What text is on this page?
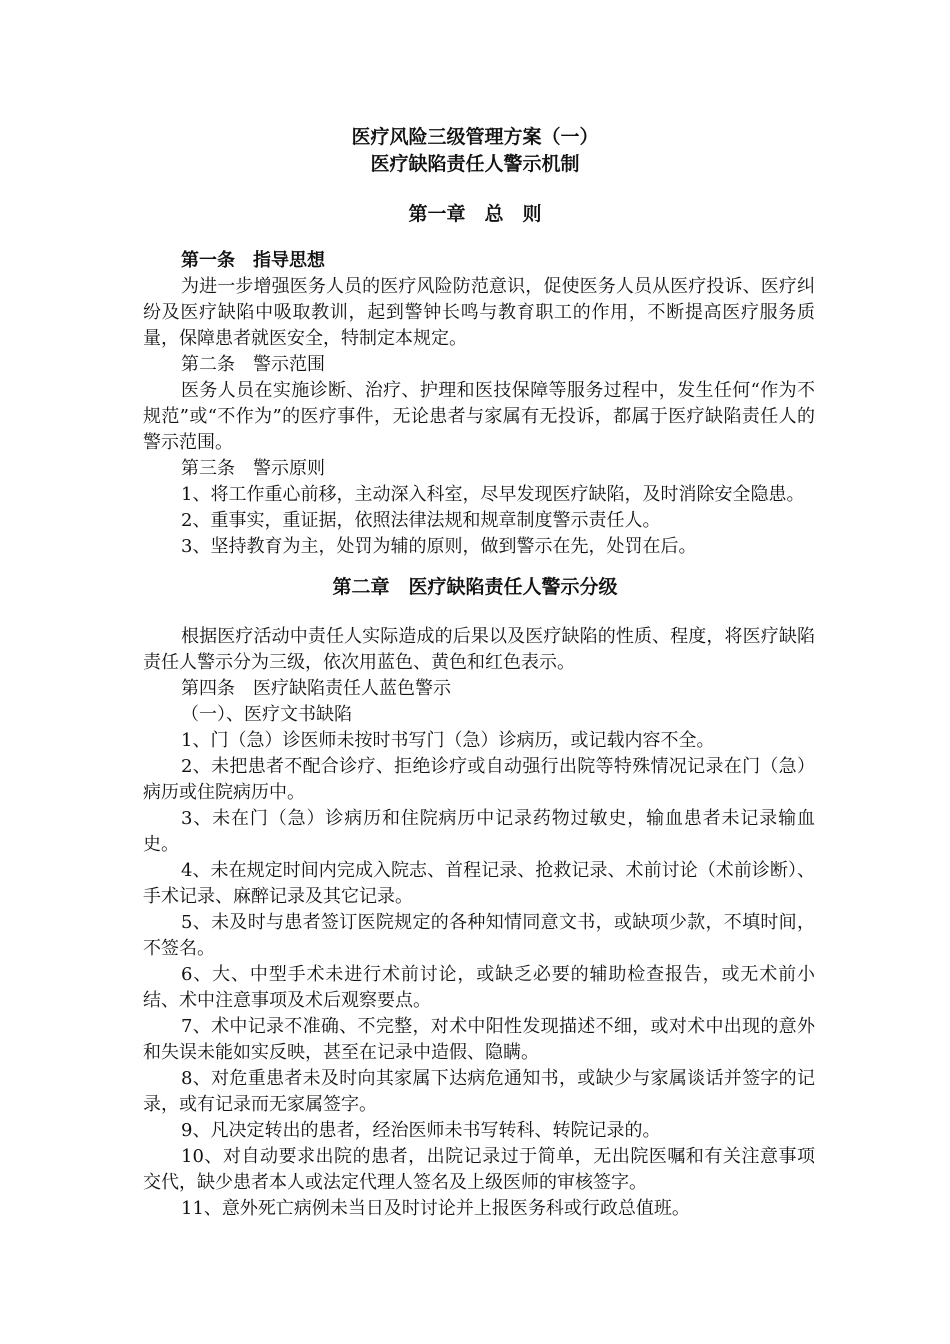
医疗风险三级管理方案（一）
医疗缺陷责任人警示机制
第一章　总　则

第一条　指导思想

为进一步增强医务人员的医疗风险防范意识，促使医务人员从医疗投诉、医疗纠纷及医疗缺陷中吸取教训，起到警钟长鸣与教育职工的作用，不断提高医疗服务质量，保障患者就医安全，特制定本规定。

第二条　警示范围

医务人员在实施诊断、治疗、护理和医技保障等服务过程中，发生任何“作为不规范”或“不作为”的医疗事件，无论患者与家属有无投诉，都属于医疗缺陷责任人的警示范围。

第三条　警示原则

1、将工作重心前移，主动深入科室，尽早发现医疗缺陷，及时消除安全隐患。

2、重事实，重证据，依照法律法规和规章制度警示责任人。

3、坚持教育为主，处罚为辅的原则，做到警示在先，处罚在后。

第二章　医疗缺陷责任人警示分级

根据医疗活动中责任人实际造成的后果以及医疗缺陷的性质、程度，将医疗缺陷责任人警示分为三级，依次用蓝色、黄色和红色表示。

第四条　医疗缺陷责任人蓝色警示

（一）、医疗文书缺陷

1、门（急）诊医师未按时书写门（急）诊病历，或记载内容不全。

2、未把患者不配合诊疗、拒绝诊疗或自动强行出院等特殊情况记录在门（急）病历或住院病历中。

3、未在门（急）诊病历和住院病历中记录药物过敏史，输血患者未记录输血史。

4、未在规定时间内完成入院志、首程记录、抢救记录、术前讨论（术前诊断）、手术记录、麻醉记录及其它记录。

5、未及时与患者签订医院规定的各种知情同意文书，或缺项少款，不填时间，不签名。

6、大、中型手术未进行术前讨论，或缺乏必要的辅助检查报告，或无术前小结、术中注意事项及术后观察要点。

7、术中记录不准确、不完整，对术中阳性发现描述不细，或对术中出现的意外和失误未能如实反映，甚至在记录中造假、隐瞒。

8、对危重患者未及时向其家属下达病危通知书，或缺少与家属谈话并签字的记录，或有记录而无家属签字。

9、凡决定转出的患者，经治医师未书写转科、转院记录的。

10、对自动要求出院的患者，出院记录过于简单，无出院医嘱和有关注意事项交代，缺少患者本人或法定代理人签名及上级医师的审核签字。

11、意外死亡病例未当日及时讨论并上报医务科或行政总值班。
